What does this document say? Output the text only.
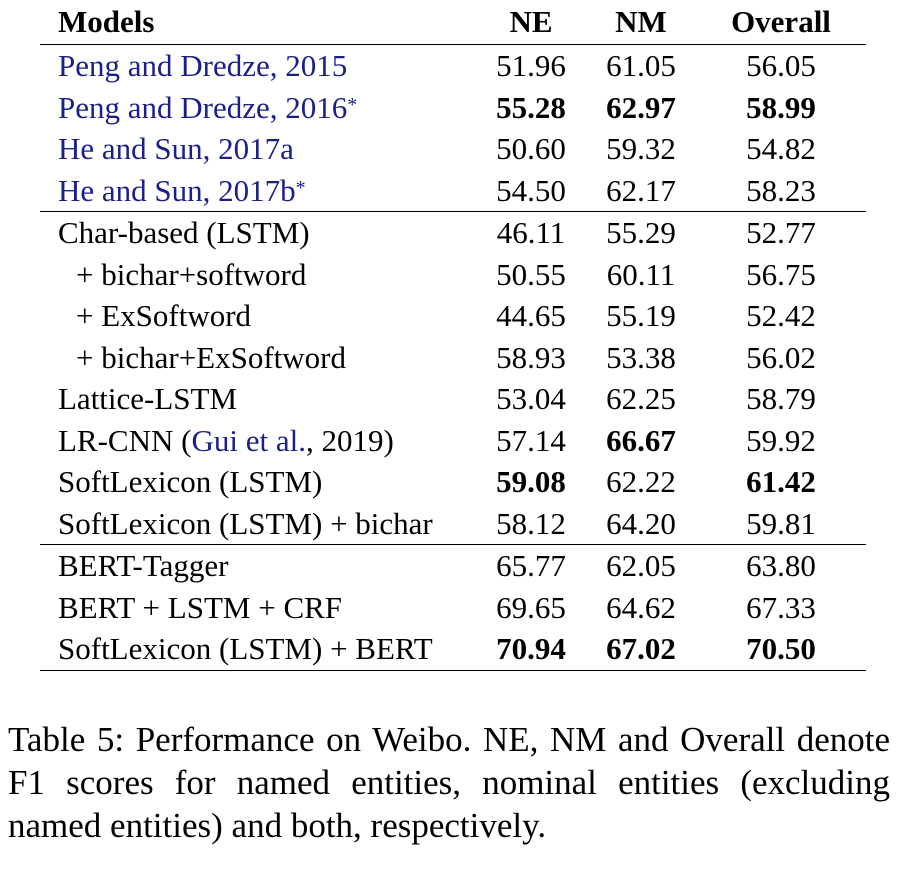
Models	NE	NM	Overall
Peng and Dredze, 2015	51.96	61.05	56.05
Peng and Dredze, 2016*	55.28	62.97	58.99
He and Sun, 2017a	50.60	59.32	54.82
He and Sun, 2017b*	54.50	62.17	58.23
Char-based (LSTM)	46.11	55.29	52.77
+ bichar+softword	50.55	60.11	56.75
+ ExSoftword	44.65	55.19	52.42
+ bichar+ExSoftword	58.93	53.38	56.02
Lattice-LSTM	53.04	62.25	58.79
LR-CNN (Gui et al., 2019)	57.14	66.67	59.92
SoftLexicon (LSTM)	59.08	62.22	61.42
SoftLexicon (LSTM) + bichar	58.12	64.20	59.81
BERT-Tagger	65.77	62.05	63.80
BERT + LSTM + CRF	69.65	64.62	67.33
SoftLexicon (LSTM) + BERT	70.94	67.02	70.50
Table 5: Performance on Weibo. NE, NM and Overall denote F1 scores for named entities, nominal entities (excluding named entities) and both, respectively.
